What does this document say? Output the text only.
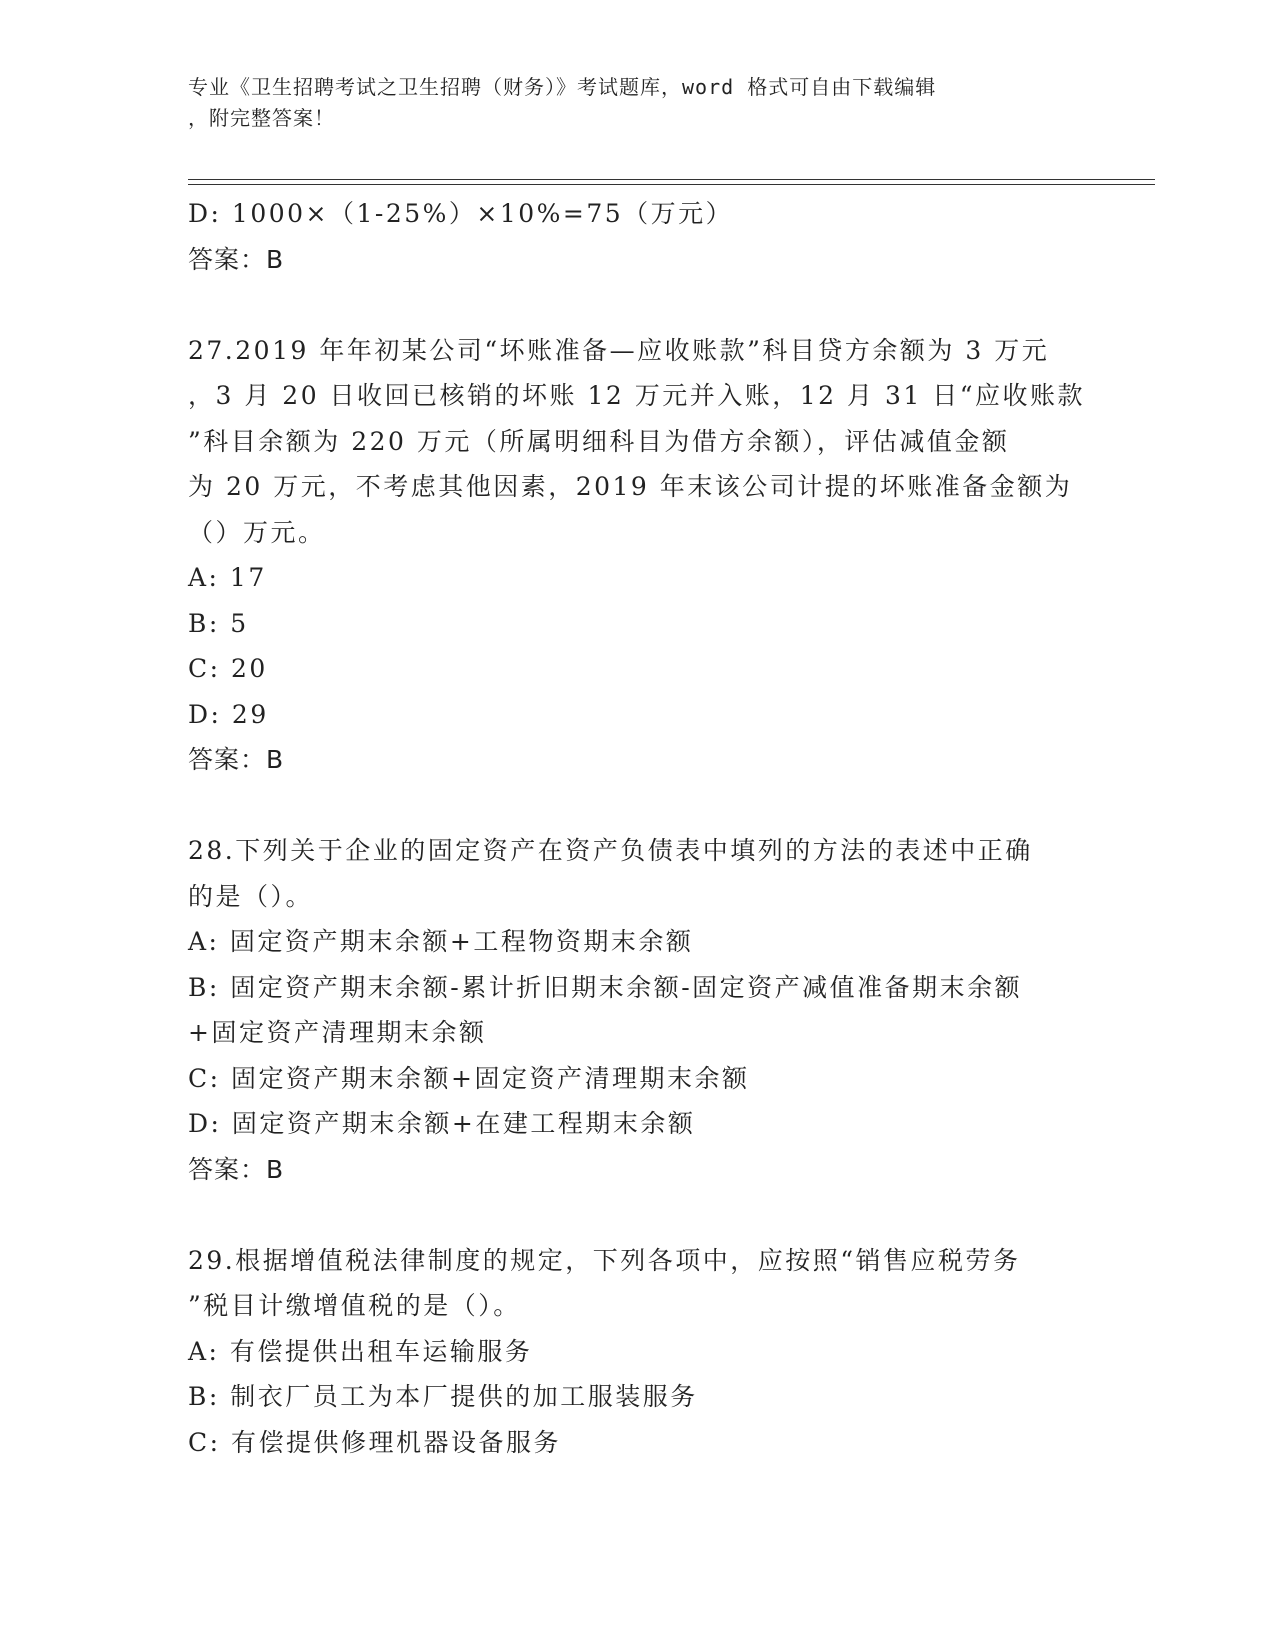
专业《卫生招聘考试之卫生招聘（财务）》考试题库，word 格式可自由下载编辑
，附完整答案！
D: 1000×（1-25%）×10%=75（万元）
答案：B
27.2019 年年初某公司“坏账准备—应收账款”科目贷方余额为 3 万元
，3 月 20 日收回已核销的坏账 12 万元并入账，12 月 31 日“应收账款
”科目余额为 220 万元（所属明细科目为借方余额），评估减值金额
为 20 万元，不考虑其他因素，2019 年末该公司计提的坏账准备金额为
（）万元。
A: 17
B: 5
C: 20
D: 29
答案：B
28.下列关于企业的固定资产在资产负债表中填列的方法的表述中正确
的是（）。
A: 固定资产期末余额+工程物资期末余额
B: 固定资产期末余额-累计折旧期末余额-固定资产减值准备期末余额
+固定资产清理期末余额
C: 固定资产期末余额+固定资产清理期末余额
D: 固定资产期末余额+在建工程期末余额
答案：B
29.根据增值税法律制度的规定，下列各项中，应按照“销售应税劳务
”税目计缴增值税的是（）。
A: 有偿提供出租车运输服务
B: 制衣厂员工为本厂提供的加工服装服务
C: 有偿提供修理机器设备服务
